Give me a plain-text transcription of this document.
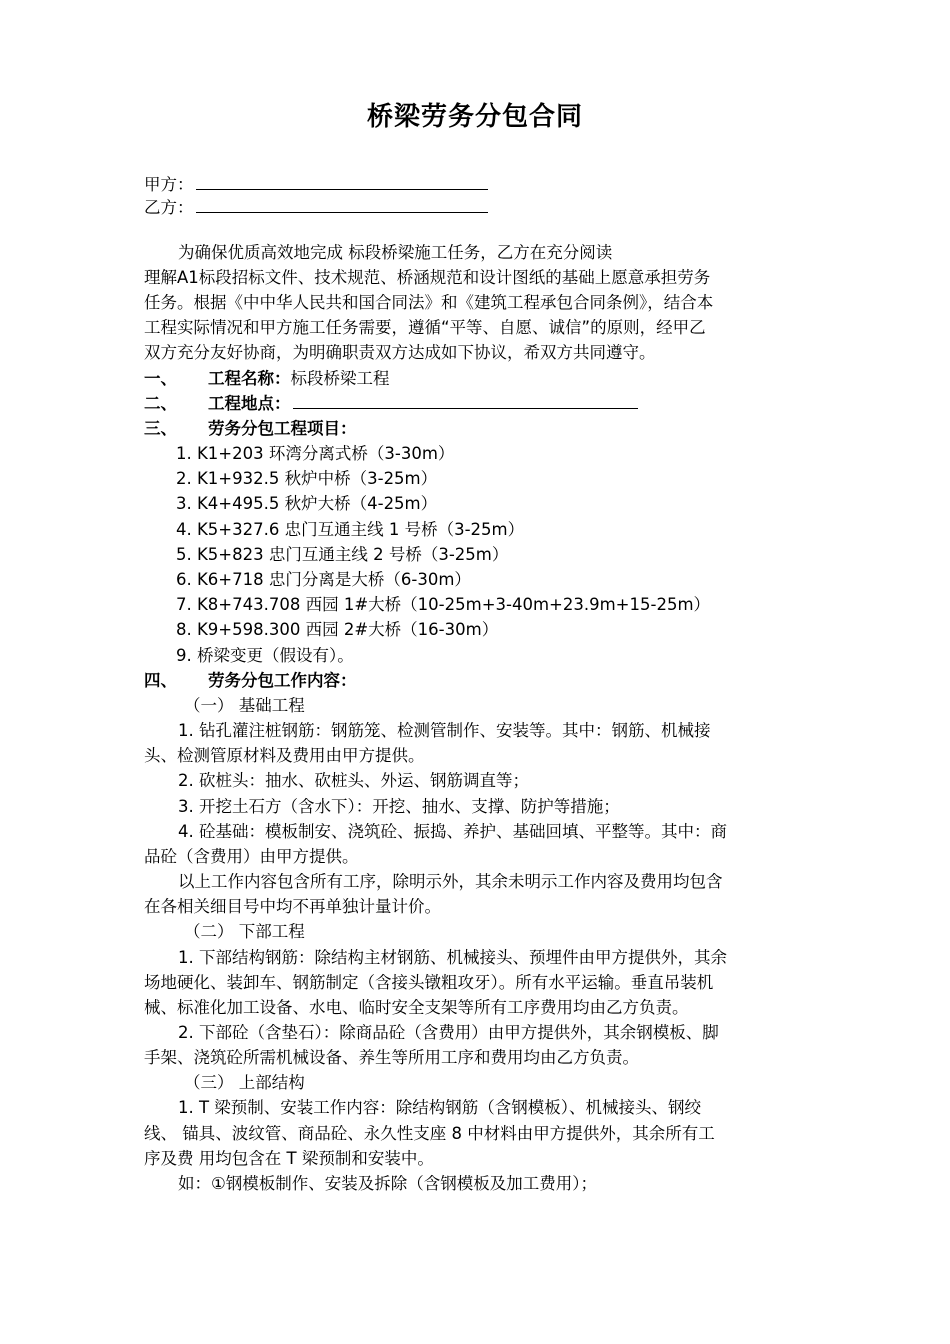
桥梁劳务分包合同
甲方：
乙方：
为确保优质高效地完成 标段桥梁施工任务，乙方在充分阅读
理解A1标段招标文件、技术规范、桥涵规范和设计图纸的基础上愿意承担劳务
任务。根据《中中华人民共和国合同法》和《建筑工程承包合同条例》，结合本
工程实际情况和甲方施工任务需要，遵循“平等、自愿、诚信”的原则，经甲乙
双方充分友好协商，为明确职责双方达成如下协议，希双方共同遵守。
一、 工程名称：标段桥梁工程
二、 工程地点：
三、 劳务分包工程项目：
1. K1+203 环湾分离式桥（3-30m）
2. K1+932.5 秋炉中桥（3-25m）
3. K4+495.5 秋炉大桥（4-25m）
4. K5+327.6 忠门互通主线 1 号桥（3-25m）
5. K5+823 忠门互通主线 2 号桥（3-25m）
6. K6+718 忠门分离是大桥（6-30m）
7. K8+743.708 西园 1#大桥（10-25m+3-40m+23.9m+15-25m）
8. K9+598.300 西园 2#大桥（16-30m）
9. 桥梁变更（假设有）。
四、 劳务分包工作内容：
（一） 基础工程
1. 钻孔灌注桩钢筋：钢筋笼、检测管制作、安装等。其中：钢筋、机械接
头、检测管原材料及费用由甲方提供。
2. 砍桩头：抽水、砍桩头、外运、钢筋调直等；
3. 开挖土石方（含水下）：开挖、抽水、支撑、防护等措施；
4. 砼基础：模板制安、浇筑砼、振捣、养护、基础回填、平整等。其中：商
品砼（含费用）由甲方提供。
以上工作内容包含所有工序，除明示外，其余未明示工作内容及费用均包含
在各相关细目号中均不再单独计量计价。
（二） 下部工程
1. 下部结构钢筋：除结构主材钢筋、机械接头、预埋件由甲方提供外，其余
场地硬化、装卸车、钢筋制定（含接头镦粗攻牙）。所有水平运输。垂直吊装机
械、标准化加工设备、水电、临时安全支架等所有工序费用均由乙方负责。
2. 下部砼（含垫石）：除商品砼（含费用）由甲方提供外，其余钢模板、脚
手架、浇筑砼所需机械设备、养生等所用工序和费用均由乙方负责。
（三） 上部结构
1. T 梁预制、安装工作内容：除结构钢筋（含钢模板）、机械接头、钢绞
线、 锚具、波纹管、商品砼、永久性支座 8 中材料由甲方提供外，其余所有工
序及费 用均包含在 T 梁预制和安装中。
如：①钢模板制作、安装及拆除（含钢模板及加工费用）；
